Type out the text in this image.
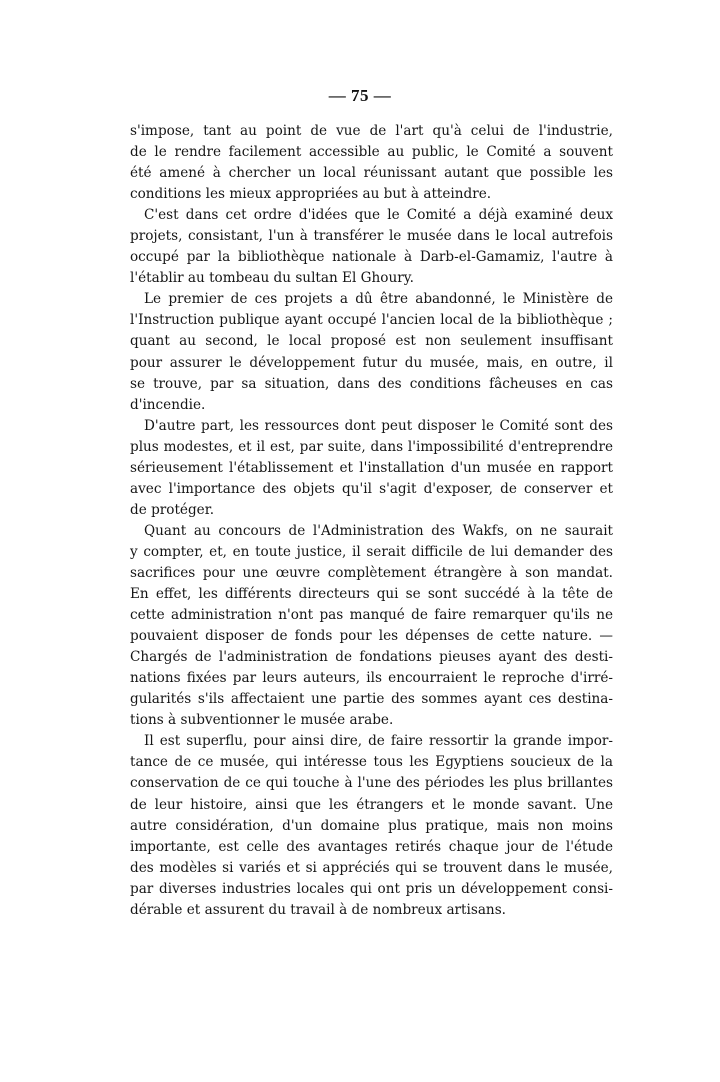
— 75 —
s'impose, tant au point de vue de l'art qu'à celui de l'industrie,
de le rendre facilement accessible au public, le Comité a souvent
été amené à chercher un local réunissant autant que possible les
conditions les mieux appropriées au but à atteindre.
C'est dans cet ordre d'idées que le Comité a déjà examiné deux
projets, consistant, l'un à transférer le musée dans le local autrefois
occupé par la bibliothèque nationale à Darb-el-Gamamiz, l'autre à
l'établir au tombeau du sultan El Ghoury.
Le premier de ces projets a dû être abandonné, le Ministère de
l'Instruction publique ayant occupé l'ancien local de la bibliothèque ;
quant au second, le local proposé est non seulement insuffisant
pour assurer le développement futur du musée, mais, en outre, il
se trouve, par sa situation, dans des conditions fâcheuses en cas
d'incendie.
D'autre part, les ressources dont peut disposer le Comité sont des
plus modestes, et il est, par suite, dans l'impossibilité d'entreprendre
sérieusement l'établissement et l'installation d'un musée en rapport
avec l'importance des objets qu'il s'agit d'exposer, de conserver et
de protéger.
Quant au concours de l'Administration des Wakfs, on ne saurait
y compter, et, en toute justice, il serait difficile de lui demander des
sacrifices pour une œuvre complètement étrangère à son mandat.
En effet, les différents directeurs qui se sont succédé à la tête de
cette administration n'ont pas manqué de faire remarquer qu'ils ne
pouvaient disposer de fonds pour les dépenses de cette nature. —
Chargés de l'administration de fondations pieuses ayant des desti-
nations fixées par leurs auteurs, ils encourraient le reproche d'irré-
gularités s'ils affectaient une partie des sommes ayant ces destina-
tions à subventionner le musée arabe.
Il est superflu, pour ainsi dire, de faire ressortir la grande impor-
tance de ce musée, qui intéresse tous les Egyptiens soucieux de la
conservation de ce qui touche à l'une des périodes les plus brillantes
de leur histoire, ainsi que les étrangers et le monde savant. Une
autre considération, d'un domaine plus pratique, mais non moins
importante, est celle des avantages retirés chaque jour de l'étude
des modèles si variés et si appréciés qui se trouvent dans le musée,
par diverses industries locales qui ont pris un développement consi-
dérable et assurent du travail à de nombreux artisans.
